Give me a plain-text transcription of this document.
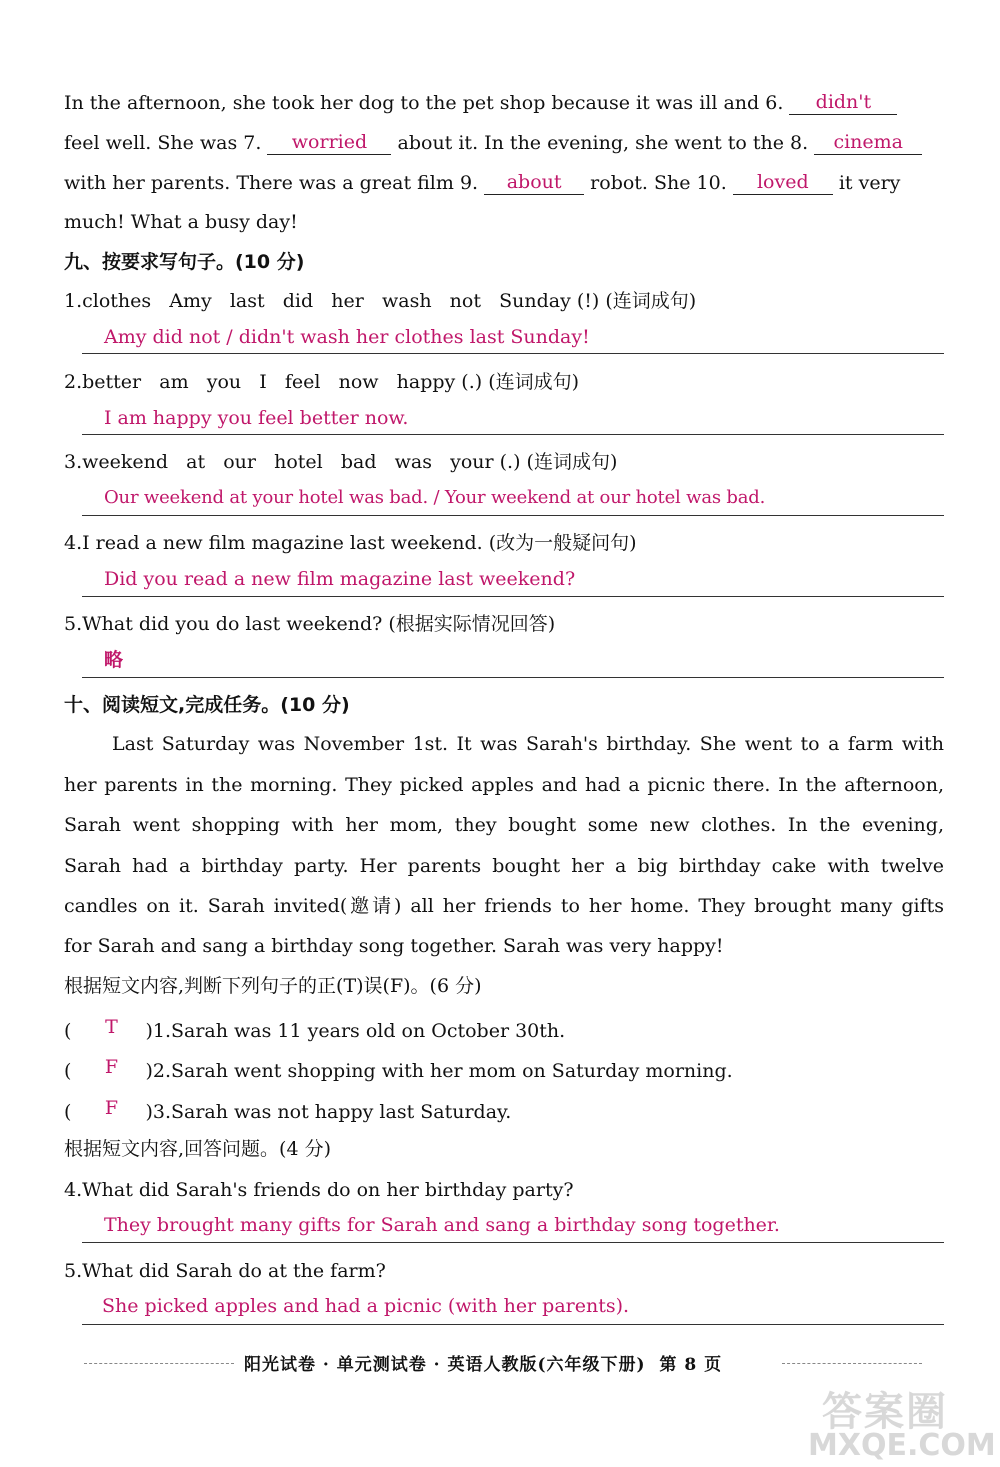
In the afternoon, she took her dog to the pet shop because it was ill and 6. didn't
feel well. She was 7. worried about it. In the evening, she went to the 8. cinema
with her parents. There was a great film 9. about robot. She 10. loved it very
much! What a busy day!
九、按要求写句子。(10 分)
1.clothes   Amy   last   did   her   wash   not   Sunday (!) (连词成句)
Amy did not / didn't wash her clothes last Sunday!
2.better   am   you   I   feel   now   happy (.) (连词成句)
I am happy you feel better now.
3.weekend   at   our   hotel   bad   was   your (.) (连词成句)
Our weekend at your hotel was bad. / Your weekend at our hotel was bad.
4.I read a new film magazine last weekend. (改为一般疑问句)
Did you read a new film magazine last weekend?
5.What did you do last weekend? (根据实际情况回答)
略
十、阅读短文,完成任务。(10 分)
Last Saturday was November 1st. It was Sarah's birthday. She went to a farm with
her parents in the morning. They picked apples and had a picnic there. In the afternoon,
Sarah went shopping with her mom, they bought some new clothes. In the evening,
Sarah had a birthday party. Her parents bought her a big birthday cake with twelve
candles on it. Sarah invited(邀请) all her friends to her home. They brought many gifts
for Sarah and sang a birthday song together. Sarah was very happy!
根据短文内容,判断下列句子的正(T)误(F)。(6 分)
( T )1.Sarah was 11 years old on October 30th.
( F )2.Sarah went shopping with her mom on Saturday morning.
( F )3.Sarah was not happy last Saturday.
根据短文内容,回答问题。(4 分)
4.What did Sarah's friends do on her birthday party?
They brought many gifts for Sarah and sang a birthday song together.
5.What did Sarah do at the farm?
She picked apples and had a picnic (with her parents).
阳光试卷 · 单元测试卷 · 英语人教版(六年级下册)  第 8 页
答案圈
MXQE.COM
